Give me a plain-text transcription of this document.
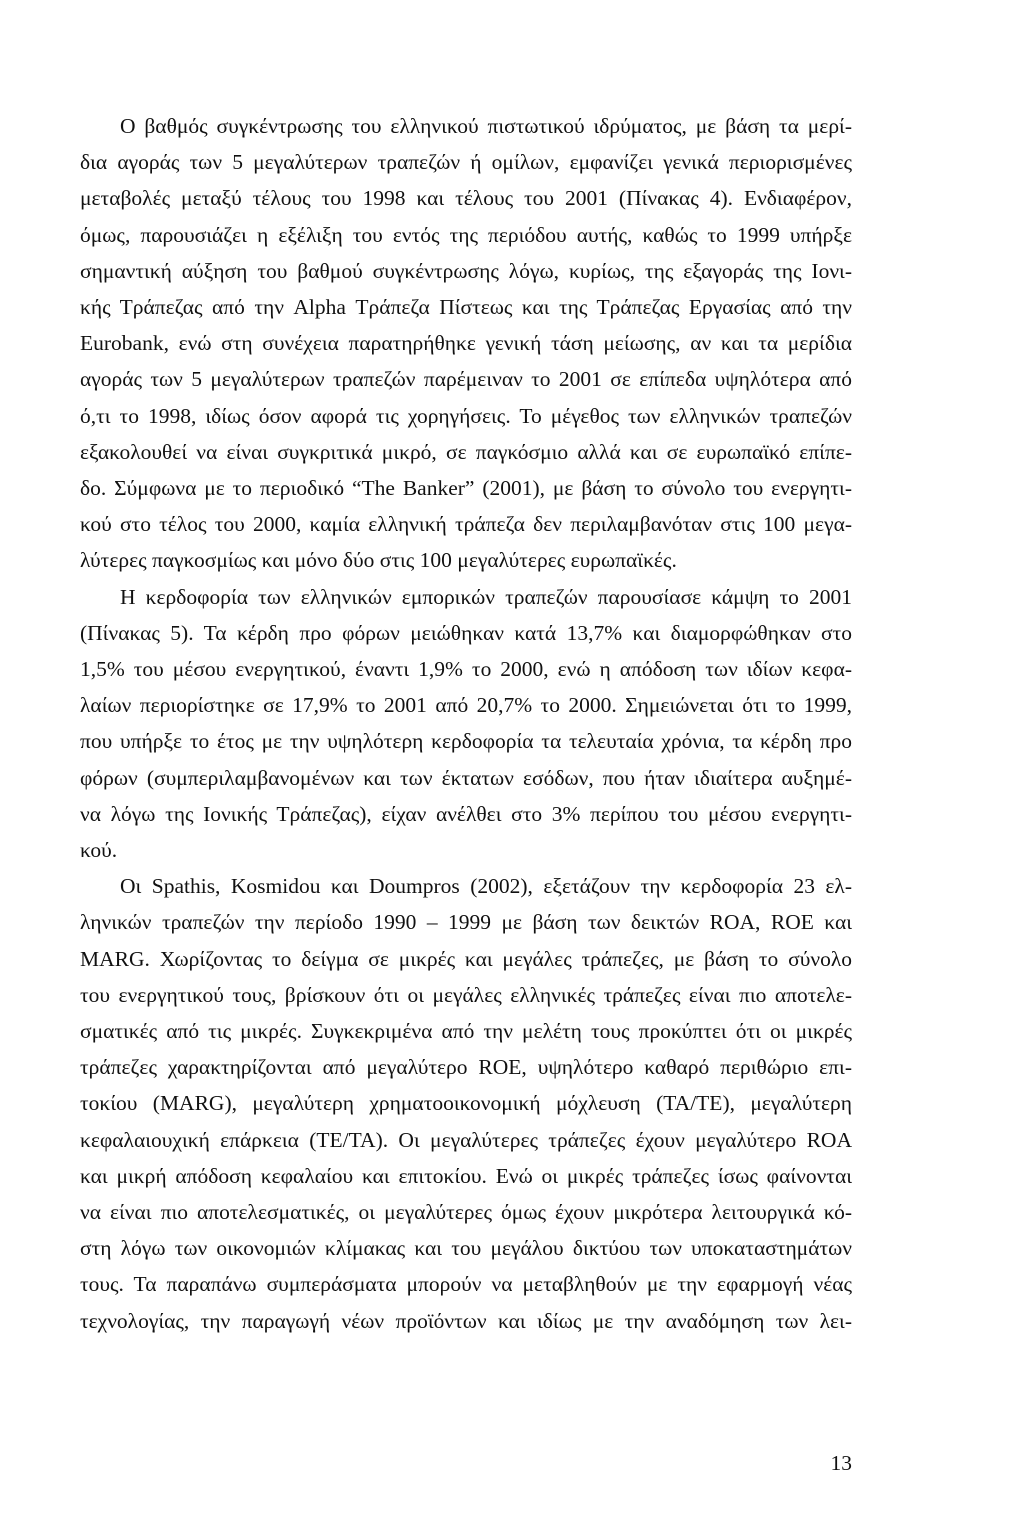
Ο βαθμός συγκέντρωσης του ελληνικού πιστωτικού ιδρύματος, με βάση τα μερί-
δια αγοράς των 5 μεγαλύτερων τραπεζών ή ομίλων, εμφανίζει γενικά περιορισμένες
μεταβολές μεταξύ τέλους του 1998 και τέλους του 2001 (Πίνακας 4). Ενδιαφέρον,
όμως, παρουσιάζει η εξέλιξη του εντός της περιόδου αυτής, καθώς το 1999 υπήρξε
σημαντική αύξηση του βαθμού συγκέντρωσης λόγω, κυρίως, της εξαγοράς της Ιονι-
κής Τράπεζας από την Alpha Τράπεζα Πίστεως και της Τράπεζας Εργασίας από την
Eurobank, ενώ στη συνέχεια παρατηρήθηκε γενική τάση μείωσης, αν και τα μερίδια
αγοράς των 5 μεγαλύτερων τραπεζών παρέμειναν το 2001 σε επίπεδα υψηλότερα από
ό,τι το 1998, ιδίως όσον αφορά τις χορηγήσεις. Το μέγεθος των ελληνικών τραπεζών
εξακολουθεί να είναι συγκριτικά μικρό, σε παγκόσμιο αλλά και σε ευρωπαϊκό επίπε-
δο. Σύμφωνα με το περιοδικό “The Banker” (2001), με βάση το σύνολο του ενεργητι-
κού στο τέλος του 2000, καμία ελληνική τράπεζα δεν περιλαμβανόταν στις 100 μεγα-
λύτερες παγκοσμίως και μόνο δύο στις 100 μεγαλύτερες ευρωπαϊκές.
Η κερδοφορία των ελληνικών εμπορικών τραπεζών παρουσίασε κάμψη το 2001
(Πίνακας 5). Τα κέρδη προ φόρων μειώθηκαν κατά 13,7% και διαμορφώθηκαν στο
1,5% του μέσου ενεργητικού, έναντι 1,9% το 2000, ενώ η απόδοση των ιδίων κεφα-
λαίων περιορίστηκε σε 17,9% το 2001 από 20,7% το 2000. Σημειώνεται ότι το 1999,
που υπήρξε το έτος με την υψηλότερη κερδοφορία τα τελευταία χρόνια, τα κέρδη προ
φόρων (συμπεριλαμβανομένων και των έκτατων εσόδων, που ήταν ιδιαίτερα αυξημέ-
να λόγω της Ιονικής Τράπεζας), είχαν ανέλθει στο 3% περίπου του μέσου ενεργητι-
κού.
Οι Spathis, Kosmidou και Doumpros (2002), εξετάζουν την κερδοφορία 23 ελ-
ληνικών τραπεζών την περίοδο 1990 – 1999 με βάση των δεικτών ROA, ROE και
MARG. Χωρίζοντας το δείγμα σε μικρές και μεγάλες τράπεζες, με βάση το σύνολο
του ενεργητικού τους, βρίσκουν ότι οι μεγάλες ελληνικές τράπεζες είναι πιο αποτελε-
σματικές από τις μικρές. Συγκεκριμένα από την μελέτη τους προκύπτει ότι οι μικρές
τράπεζες χαρακτηρίζονται από μεγαλύτερο ROE, υψηλότερο καθαρό περιθώριο επι-
τοκίου (MARG), μεγαλύτερη χρηματοοικονομική μόχλευση (ΤΑ/ΤΕ), μεγαλύτερη
κεφαλαιουχική επάρκεια (ΤΕ/ΤΑ). Οι μεγαλύτερες τράπεζες έχουν μεγαλύτερο ROA
και μικρή απόδοση κεφαλαίου και επιτοκίου. Ενώ οι μικρές τράπεζες ίσως φαίνονται
να είναι πιο αποτελεσματικές, οι μεγαλύτερες όμως έχουν μικρότερα λειτουργικά κό-
στη λόγω των οικονομιών κλίμακας και του μεγάλου δικτύου των υποκαταστημάτων
τους. Τα παραπάνω συμπεράσματα μπορούν να μεταβληθούν με την εφαρμογή νέας
τεχνολογίας, την παραγωγή νέων προϊόντων και ιδίως με την αναδόμηση των λει-
13
